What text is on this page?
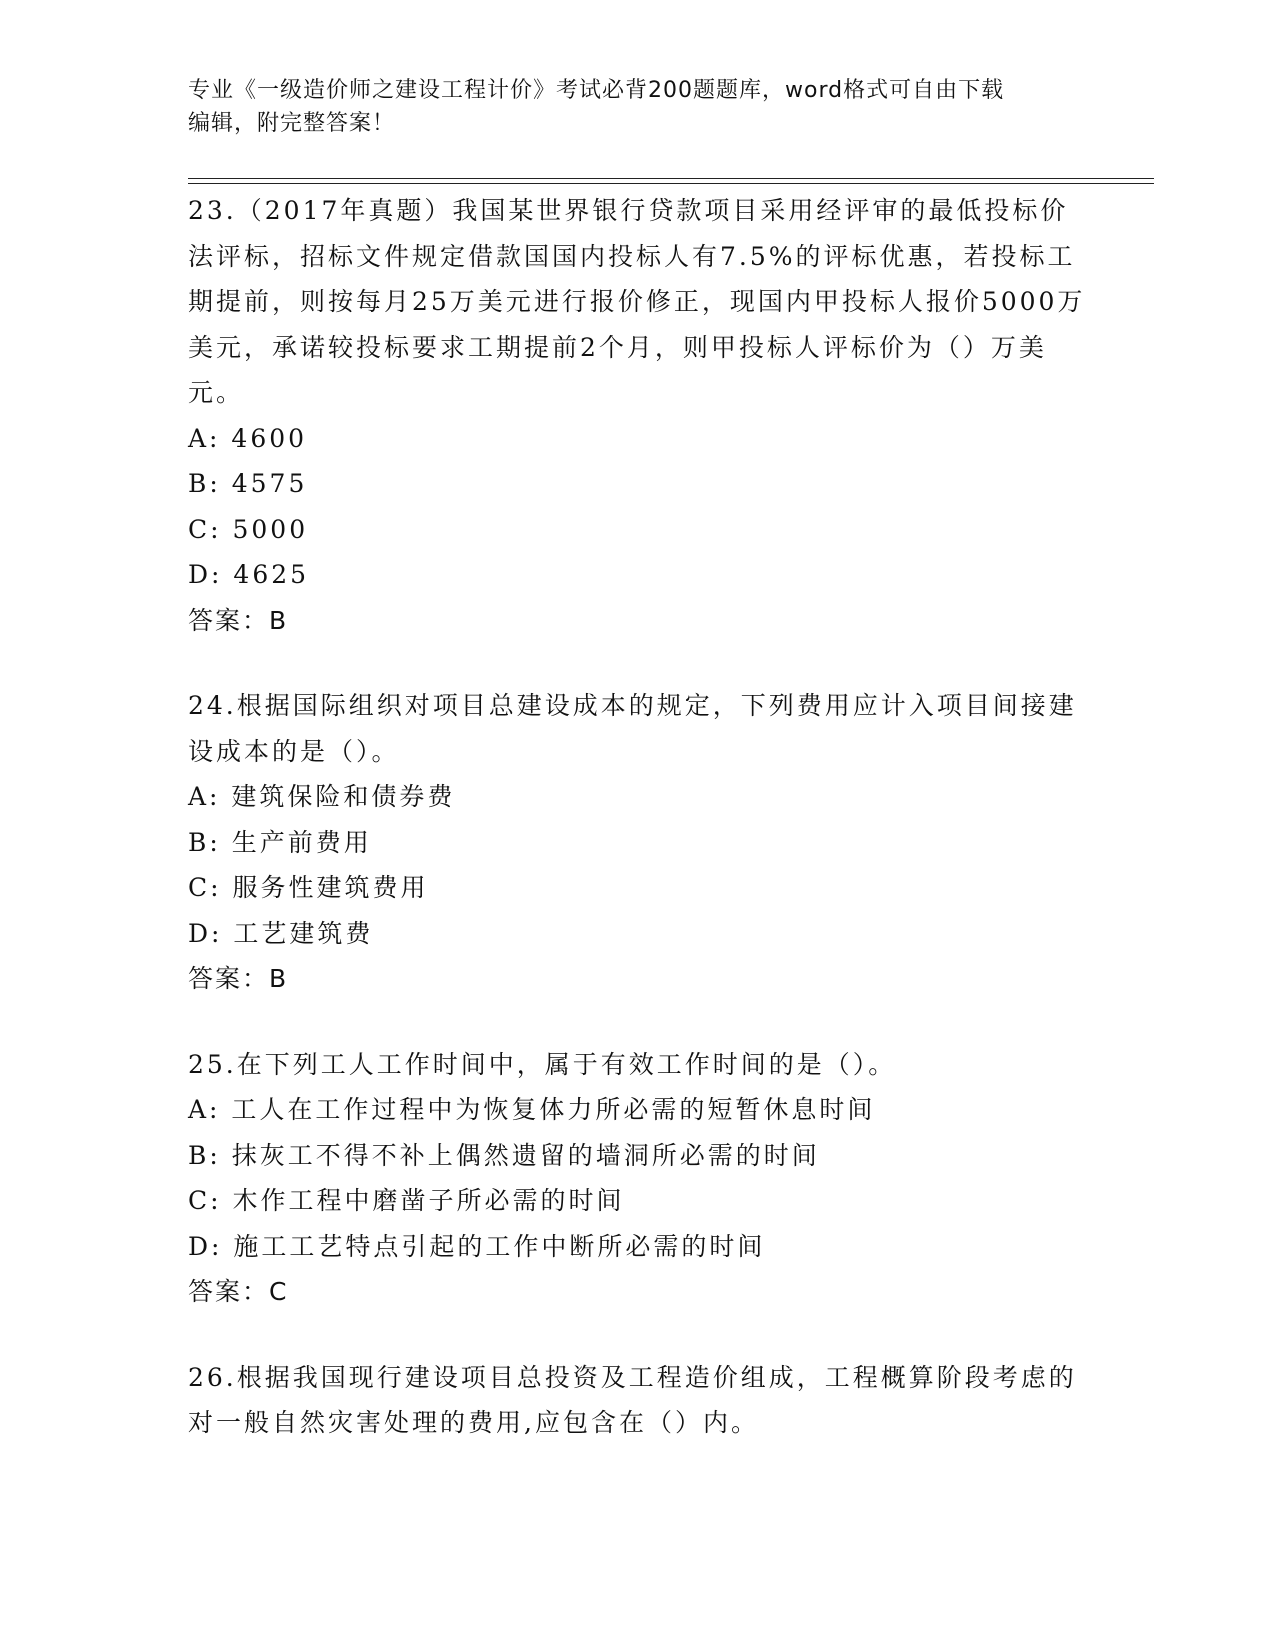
专业《一级造价师之建设工程计价》考试必背200题题库，word格式可自由下载
编辑，附完整答案！

23.（2017年真题）我国某世界银行贷款项目采用经评审的最低投标价法评标，招标文件规定借款国国内投标人有7.5%的评标优惠，若投标工期提前，则按每月25万美元进行报价修正，现国内甲投标人报价5000万美元，承诺较投标要求工期提前2个月，则甲投标人评标价为（）万美元。

A: 4600

B: 4575

C: 5000

D: 4625

答案：B

24.根据国际组织对项目总建设成本的规定，下列费用应计入项目间接建设成本的是（）。

A: 建筑保险和债券费

B: 生产前费用

C: 服务性建筑费用

D: 工艺建筑费

答案：B

25.在下列工人工作时间中，属于有效工作时间的是（）。

A: 工人在工作过程中为恢复体力所必需的短暂休息时间

B: 抹灰工不得不补上偶然遗留的墙洞所必需的时间

C: 木作工程中磨凿子所必需的时间

D: 施工工艺特点引起的工作中断所必需的时间

答案：C

26.根据我国现行建设项目总投资及工程造价组成，工程概算阶段考虑的对一般自然灾害处理的费用,应包含在（）内。
